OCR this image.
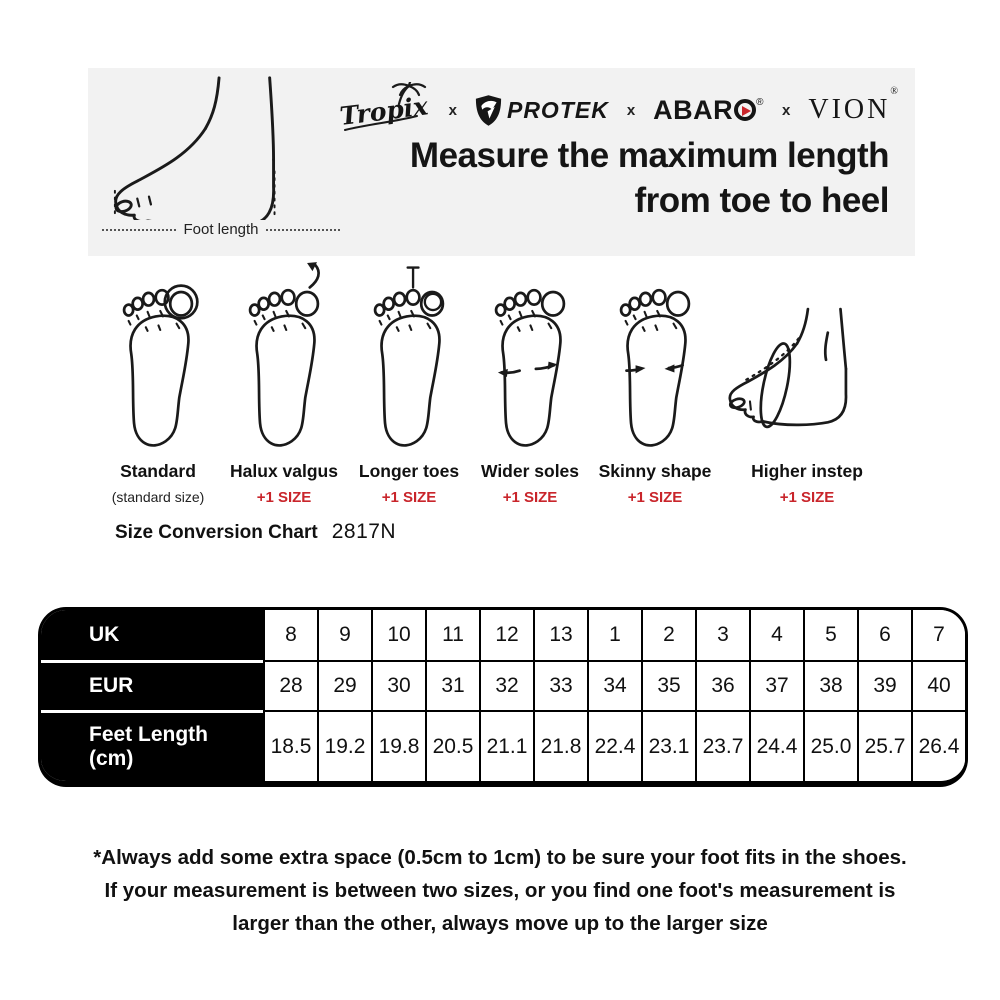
Foot length
Tropix x PROTEK x ABAR ® x VION®
Measure the maximum length
from toe to heel
Standard
(standard size)
Halux valgus
+1 SIZE
Longer toes
+1 SIZE
Wider soles
+1 SIZE
Skinny shape
+1 SIZE
Higher instep
+1 SIZE
Size Conversion Chart 2817N
UK	8	9	10	11	12	13	1	2	3	4	5	6	7
EUR	28	29	30	31	32	33	34	35	36	37	38	39	40
Feet Length
(cm)
18.5 19.2 19.8 20.5 21.1 21.8 22.4 23.1 23.7 24.4 25.0 25.7 26.4
*Always add some extra space (0.5cm to 1cm) to be sure your foot fits in the shoes.
If your measurement is between two sizes, or you find one foot's measurement is
larger than the other, always move up to the larger size
